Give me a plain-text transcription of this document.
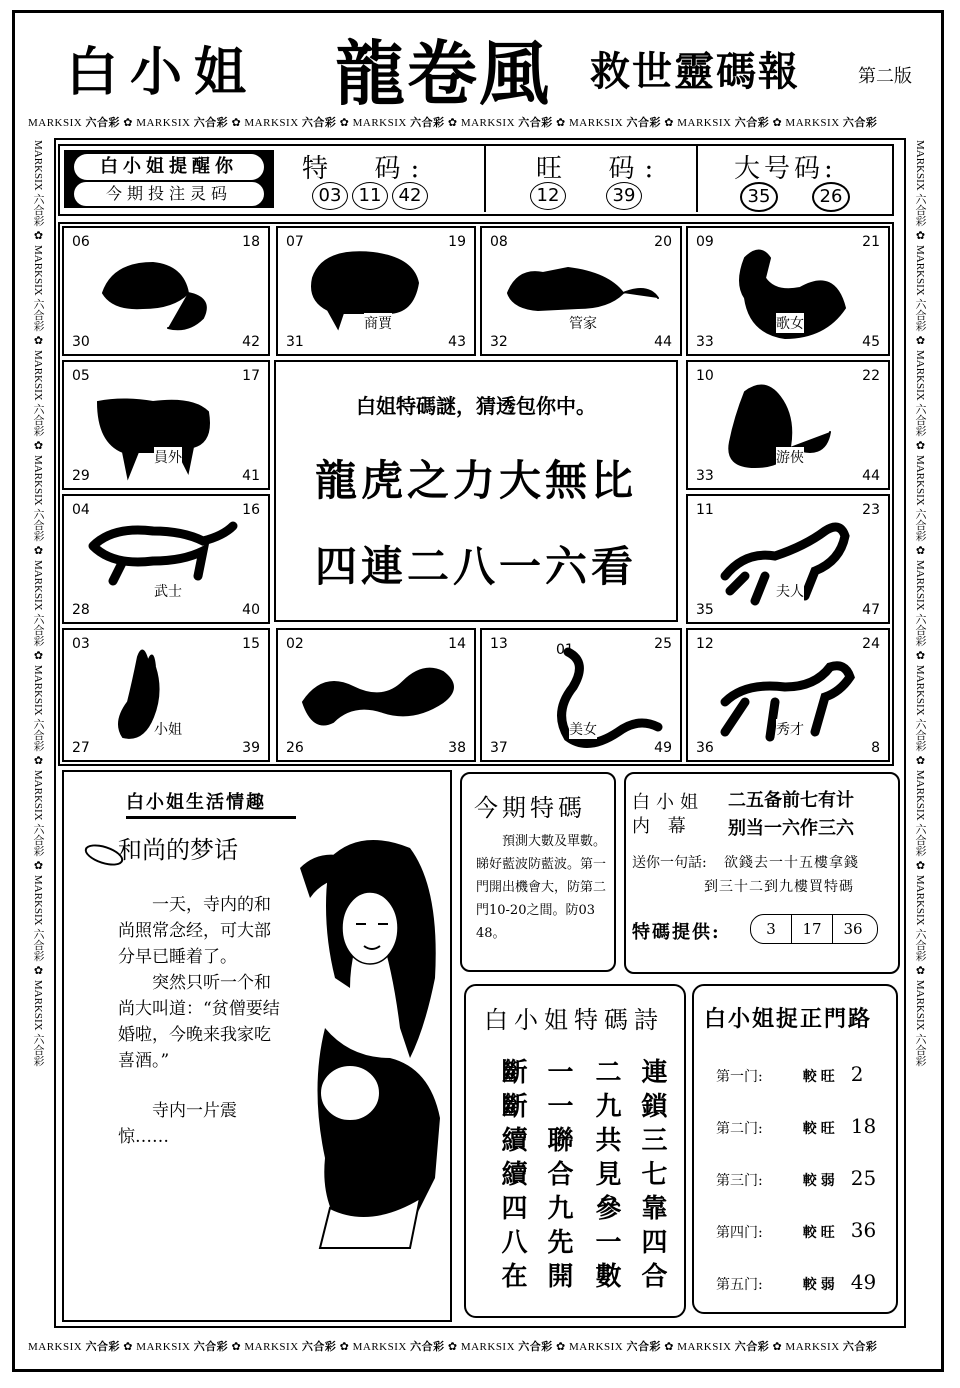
白小姐 龍卷風 救世靈碼報	第二版
MARKSIX 六合彩 ✿ MARKSIX 六合彩 ✿ MARKSIX 六合彩 ✿ MARKSIX 六合彩 ✿ MARKSIX 六合彩 ✿ MARKSIX 六合彩 ✿ MARKSIX 六合彩 ✿ MARKSIX 六合彩
MARKSIX 六合彩 ✿ MARKSIX 六合彩 ✿ MARKSIX 六合彩 ✿ MARKSIX 六合彩 ✿ MARKSIX 六合彩 ✿ MARKSIX 六合彩 ✿ MARKSIX 六合彩 ✿ MARKSIX 六合彩
MARKSIX 六合彩 ✿ MARKSIX 六合彩 ✿ MARKSIX 六合彩 ✿ MARKSIX 六合彩 ✿ MARKSIX 六合彩 ✿ MARKSIX 六合彩 ✿ MARKSIX 六合彩 ✿ MARKSIX 六合彩 ✿ MARKSIX 六合彩
MARKSIX 六合彩 ✿ MARKSIX 六合彩 ✿ MARKSIX 六合彩 ✿ MARKSIX 六合彩 ✿ MARKSIX 六合彩 ✿ MARKSIX 六合彩 ✿ MARKSIX 六合彩 ✿ MARKSIX 六合彩 ✿ MARKSIX 六合彩
白小姐提醒你
今期投注灵码
特  码:
03 11 42
旺  码:
12	39
大号码:
35	26
06	18
30	42
07	19
31	43
商賈
08	20
32	44
管家
09	21
33	45
歌女
05	17
29	41
員外
10	22
33	44
游俠
04	16
28	40
武士
11	23
35	47
夫人
03	15
27	39
小姐
02	14
26	38
13	25
37	49
01
美女
12	24
36	8
秀才
白姐特碼謎，猜透包你中。
龍虎之力大無比
四連二八一六看
白小姐生活情趣
和尚的梦话
一天，寺内的和尚照常念经，可大部分早已睡着了。
突然只听一个和尚大叫道：“贫僧要结婚啦，今晚来我家吃喜酒。”
寺内一片震惊……
今期特碼
預測大數及單數。睇好藍波防藍波。第一門開出機會大，防第二門10-20之間。防03 48。
白小姐
内 幕
二五备前七有计
别当一六作三六
送你一句話: 欲錢去一十五樓拿錢
到三十二到九樓買特碼
特碼提供:	3 17 36
白小姐特碼詩
連鎖三七靠四合
二九共見參一數
一一聯合九先開
斷斷續續四八在
白小姐捉正門路
第一门:	較旺 2
第二门:	較旺 18
第三门:	較弱 25
第四门:	較旺 36
第五门:	較弱 49
